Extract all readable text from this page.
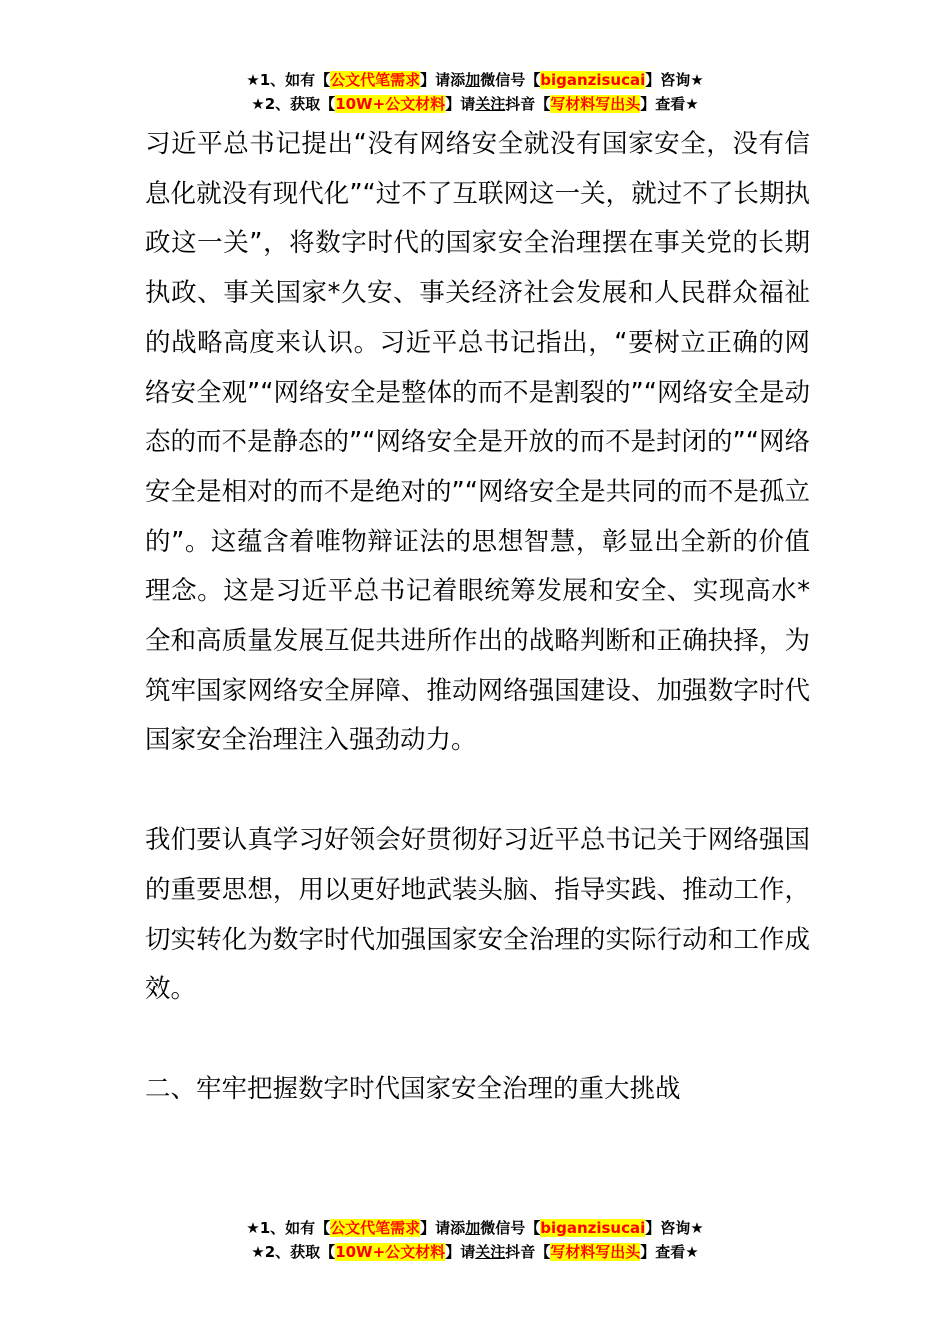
★1、如有【公文代笔需求】请添加微信号【biganzisucai】咨询★
★2、获取【10W+公文材料】请关注抖音【写材料写出头】查看★

习近平总书记提出“没有网络安全就没有国家安全，没有信息化就没有现代化”“过不了互联网这一关，就过不了长期执政这一关”，将数字时代的国家安全治理摆在事关党的长期执政、事关国家*久安、事关经济社会发展和人民群众福祉的战略高度来认识。习近平总书记指出，“要树立正确的网络安全观”“网络安全是整体的而不是割裂的”“网络安全是动态的而不是静态的”“网络安全是开放的而不是封闭的”“网络安全是相对的而不是绝对的”“网络安全是共同的而不是孤立的”。这蕴含着唯物辩证法的思想智慧，彰显出全新的价值理念。这是习近平总书记着眼统筹发展和安全、实现高水*全和高质量发展互促共进所作出的战略判断和正确抉择，为筑牢国家网络安全屏障、推动网络强国建设、加强数字时代国家安全治理注入强劲动力。

我们要认真学习好领会好贯彻好习近平总书记关于网络强国的重要思想，用以更好地武装头脑、指导实践、推动工作，切实转化为数字时代加强国家安全治理的实际行动和工作成效。

二、牢牢把握数字时代国家安全治理的重大挑战

★1、如有【公文代笔需求】请添加微信号【biganzisucai】咨询★
★2、获取【10W+公文材料】请关注抖音【写材料写出头】查看★
